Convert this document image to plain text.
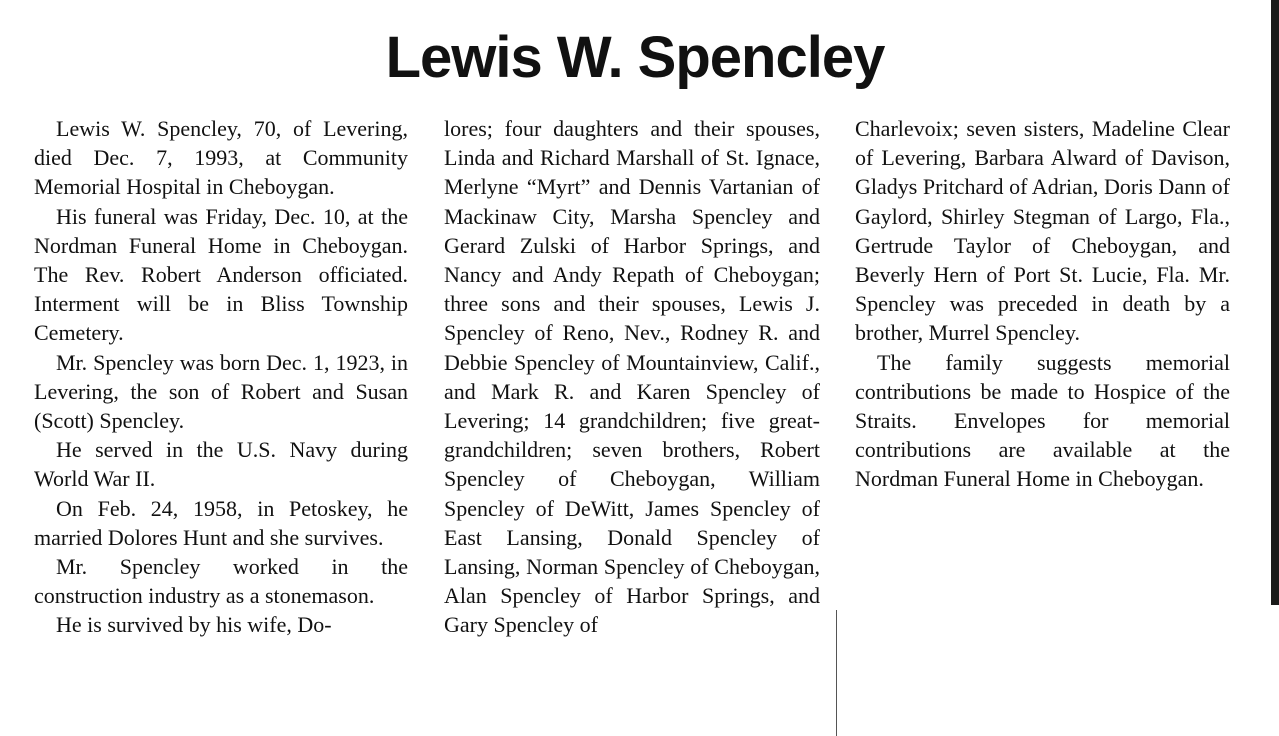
Lewis W. Spencley

Lewis W. Spencley, 70, of Levering, died Dec. 7, 1993, at Community Memorial Hospital in Cheboygan.

His funeral was Friday, Dec. 10, at the Nordman Funeral Home in Cheboygan. The Rev. Robert Anderson officiated. Interment will be in Bliss Township Cemetery.

Mr. Spencley was born Dec. 1, 1923, in Levering, the son of Robert and Susan (Scott) Spencley.

He served in the U.S. Navy during World War II.

On Feb. 24, 1958, in Petoskey, he married Dolores Hunt and she survives.

Mr. Spencley worked in the construction industry as a stonemason.

He is survived by his wife, Do-

lores; four daughters and their spouses, Linda and Richard Marshall of St. Ignace, Merlyne “Myrt” and Dennis Vartanian of Mackinaw City, Marsha Spencley and Gerard Zulski of Harbor Springs, and Nancy and Andy Repath of Cheboygan; three sons and their spouses, Lewis J. Spencley of Reno, Nev., Rodney R. and Debbie Spencley of Mountainview, Calif., and Mark R. and Karen Spencley of Levering; 14 grandchildren; five great-grandchildren; seven brothers, Robert Spencley of Cheboygan, William Spencley of DeWitt, James Spencley of East Lansing, Donald Spencley of Lansing, Norman Spencley of Cheboygan, Alan Spencley of Harbor Springs, and Gary Spencley of

Charlevoix; seven sisters, Madeline Clear of Levering, Barbara Alward of Davison, Gladys Pritchard of Adrian, Doris Dann of Gaylord, Shirley Stegman of Largo, Fla., Gertrude Taylor of Cheboygan, and Beverly Hern of Port St. Lucie, Fla. Mr. Spencley was preceded in death by a brother, Murrel Spencley.

The family suggests memorial contributions be made to Hospice of the Straits. Envelopes for memorial contributions are available at the Nordman Funeral Home in Cheboygan.
